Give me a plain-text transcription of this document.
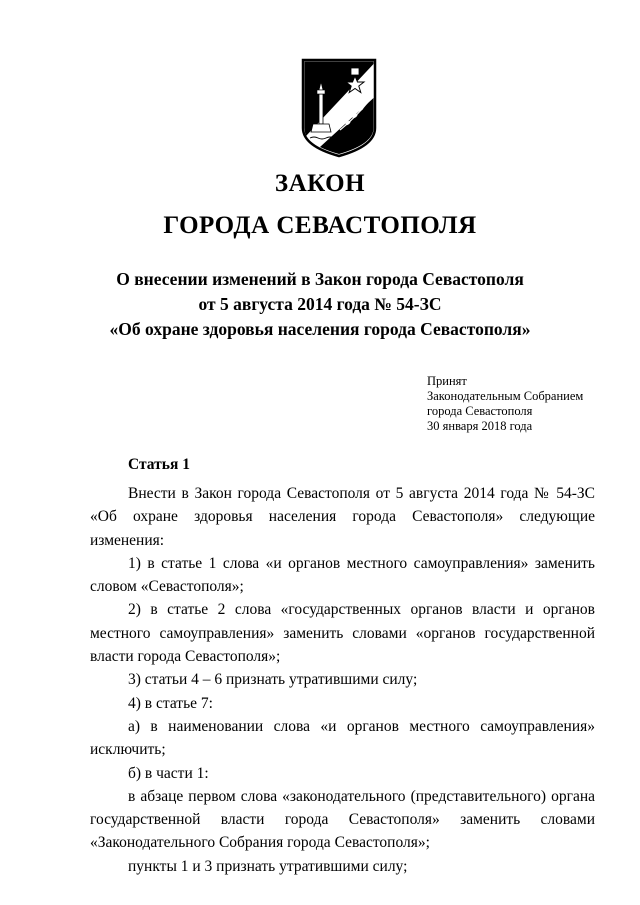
ЗАКОН
ГОРОДА СЕВАСТОПОЛЯ
О внесении изменений в Закон города Севастополя
от 5 августа 2014 года № 54-ЗС
«Об охране здоровья населения города Севастополя»
Принят
Законодательным Собранием
города Севастополя
30 января 2018 года
Статья 1

Внести в Закон города Севастополя от 5 августа 2014 года № 54-ЗС «Об охране здоровья населения города Севастополя» следующие изменения:

1) в статье 1 слова «и органов местного самоуправления» заменить словом «Севастополя»;

2) в статье 2 слова «государственных органов власти и органов местного самоуправления» заменить словами «органов государственной власти города Севастополя»;

3) статьи 4 – 6 признать утратившими силу;

4) в статье 7:

а) в наименовании слова «и органов местного самоуправления» исключить;

б) в части 1:

в абзаце первом слова «законодательного (представительного) органа государственной власти города Севастополя» заменить словами «Законодательного Собрания города Севастополя»;

пункты 1 и 3 признать утратившими силу;
